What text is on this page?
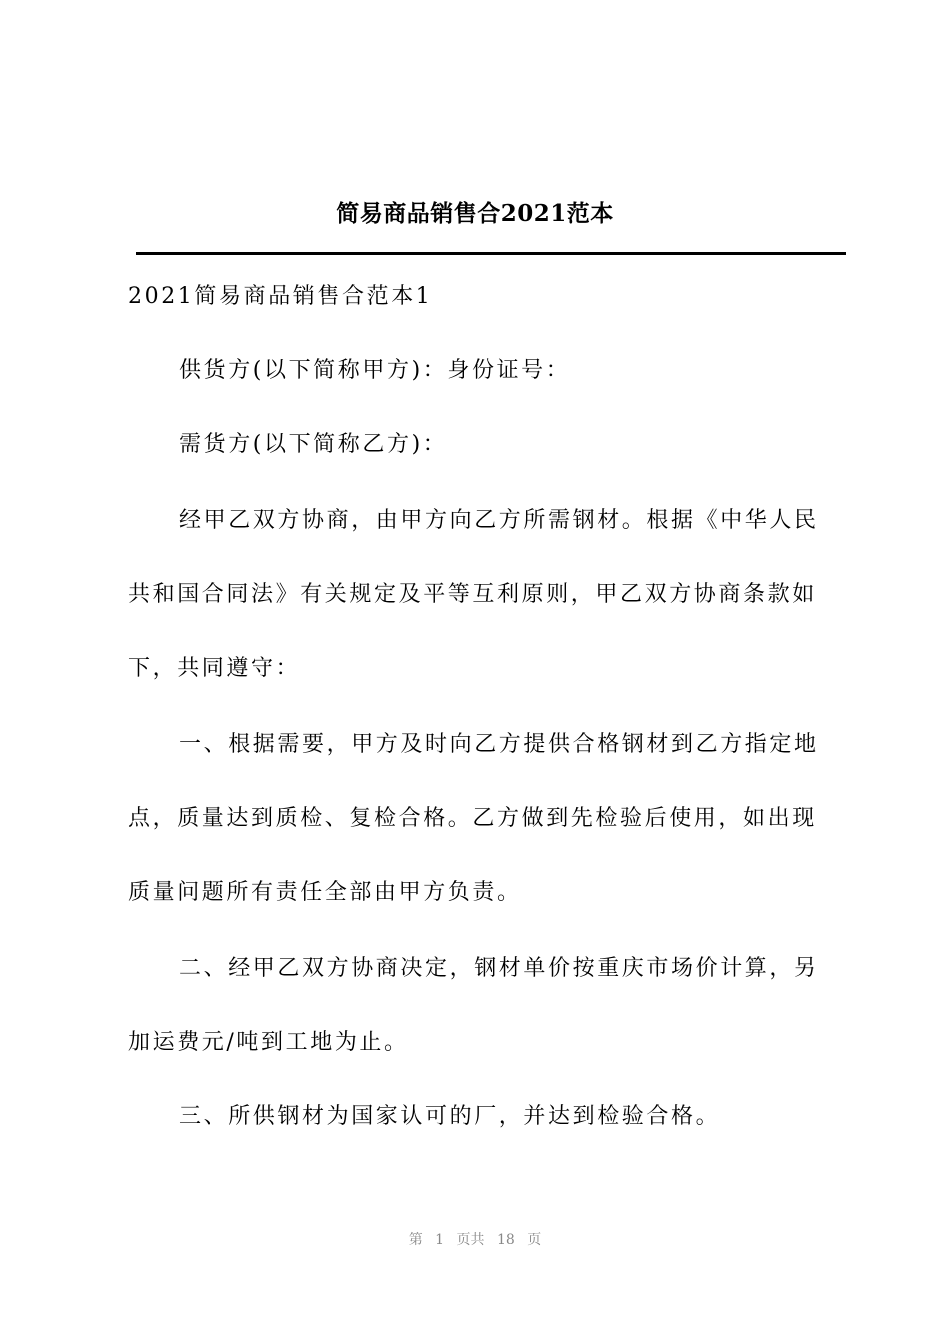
简易商品销售合2021范本
2021简易商品销售合范本1
供货方(以下简称甲方)：身份证号：
需货方(以下简称乙方)：
经甲乙双方协商，由甲方向乙方所需钢材。根据《中华人民
共和国合同法》有关规定及平等互利原则，甲乙双方协商条款如
下，共同遵守：
一、根据需要，甲方及时向乙方提供合格钢材到乙方指定地
点，质量达到质检、复检合格。乙方做到先检验后使用，如出现
质量问题所有责任全部由甲方负责。
二、经甲乙双方协商决定，钢材单价按重庆市场价计算，另
加运费元/吨到工地为止。
三、所供钢材为国家认可的厂，并达到检验合格。
第 1 页共 18 页
